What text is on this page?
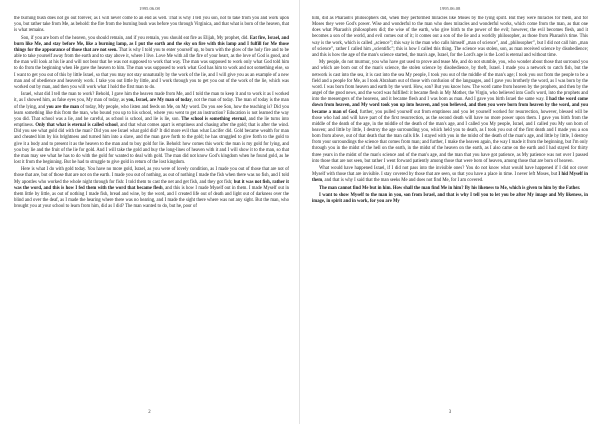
1995.06.08

the burning bush does not go out forever, as I will never come to an end as well. That is why I tell you son, not to take from you and work upon you, but rather take from Me, as behold: the fire from the burning bush was before you through Virginica, and that what is born of the heaven, that is what remains.

Son, if you are born of the heaven, you should remain, and if you remain, you should eat fire as Elijah, My prophet, did. Eat fire, Israel, and burn like Me, and stay before Me, like a burning lamp, as I put the earth and the sky on fire with this lamp and I fulfill for Me those things for the appearance of those that are not seen. That is why I told you to enter yourself up, to burn with the glow of the holy fire and to be able to take yourself away from the earth and to stay above it, where I live. Love Me with all the fire of your heart, as the love of God is good, and the man will look at his lie and will not bear that he was not supposed to work that way. The man was supposed to work only what God told him to do from the beginning when He gave the heaven to him. The man was supposed to work what God has him to work and not something else, so I want to get you out of this by little Israel, so that you may not stay unnaturally by the work of the lie, and I will give you as an example of a new man and of obedience and heavenly work. I take you out little by little, and I work through you to get you out of the work of the lie, which was worked out by man, and then you will work what I hold the first man to do.

Israel, what did I tell the man to work? Behold, I gave him the heaven made from Me, and I told the man to keep it and to work it as I worked it, as I showed him, as false eyes you, My man of today, as you, Israel, are My man of today, not the man of today. The man of today is the man of the lying, and you are the man of today, My people, who listen and feeds on Me, on My word. Do you see Son, how the teaching is? Did you learn something like this from the man, who bound you up to his school, where you went to get an instruction? Education is not learned the way you did. That school was a lie, and he careful, as school is school, and lie is lie, son. The school is something eternal, and the lie turns into emptiness. Only that what is eternal is called school, and that what comes apart is emptiness and chasing after the gold; that is after the wind. Did you see what gold did with the man? Did you see Israel what gold did? It did more evil than what Lucifer did. Gold became wealth for man and cheated him by his brightness and turned him into a slave, and the man gave forth to the gold; he has struggled to give forth to the gold to give it a body and to present it as the heaven to the man and to buy gold for lie. Behold: how comes this work: the man is my gold for lying, and you buy lie and the fruit of the lie for gold. And I will take the gold and buy the long-lines of heaven with it and I will show it to the man, so that the man may see what he has to do with the gold for wanted to deal with gold. The man did not know God's kingdom when he found gold, as he lost it from the beginning. But he had to struggle to give gold in return of the lost kingdom.

Here is what I do with gold today. You have no more gold, Israel, as you were of lovely condition, as I made you out of those that are not of those that are, but of those that are not on the earth. I made you out of nothing, as out of nothing I made the fish when there was no fish, and I told My apostles who worked the whole night through for fish: I told them to cast the net and get fish, and they got fish; but it was not fish, rather it was the word, and this is how I fed them with the word that became flesh, and this is how I made Myself out in them. I made Myself out in them little by little, as out of nothing I made fish, bread and wine, by the word, and I created life out of death and light out of darkness over the blind and over the deaf, as I made the hearing where there was no hearing, and I made the sight there where was not any sight. But the man, who brought you at your school to learn from him, did as I did? The man wanted to do, but he, poor of

2
1995.06.08

him, did as Pharaoh's philosophers did, when they performed miracles like Moses by the lying spirit. But they were miracles for them, and for Moses they were God's power. Wise and wonderful to the man who does miracles and wonderful works, which come from the man, as that one does what Pharaoh's philosophers did; the wise of the earth, who give birth to the power of the evil; however, the evil becomes flesh, and it becomes a son of the world, and evil comes out of it; it comes out a son of the lie and a worldly philosopher, as those from Pharaoh's time. This way is the work, which is called „science”; this way is the man who calls himself „man of science”, and „philosopher”, but I did not call him „man of science”, rather I called him „scientific”; this is how I called this thing. The science was stolen, son, as man received science by disobedience; and this is how the age of the man's science started, the man's age, Israel, for the Lord's age is the Lord is eternal and without time.

My people, do not murmur, you who have got used to prove and tease Me, and do not stumble, you, who wonder about those that surround you and which are born out of the man's science, the stolen science by disobedience, by theft, Israel. I made you a network to catch fish, but the network is cast into the sea, it is cast into the sea My people, I took you out of the middle of the man's age; I took you out from the people to be a field and a people for Me, as I took Abraham out of those with confusion of the languages, and I gave you brotherly the word, as I was born by the word. I was born from heaven and earth by the word. How, son? But you know how. The word came from heaven by the prophets, and then by the angel of the good news, and the word was fulfilled: it became flesh in My Mother, the Virgin, who believed into God's word, into the prophets and into the messengers of the heavens, and it became flesh and I was born as man. And I gave you birth Israel the same way. I had the word come down from heaven, and My word took you up into heaven, and you believed, and then you were born from heaven by the word, and you became a man of God, further, you pulled yourself out from emptiness and you let yourself worked for resurrection, however, blessed will be those who had and will have part of the first resurrection, as the second death will have no more power upon them. I gave you birth from the middle of the death of the age, in the middle of the death of the man's age, and I called you My people, Israel, and I called you My son born of heaven; and little by little, I destroy the age surrounding you, which held you to death, as I took you out of the first death and I made you a son born from above, out of that death that the man calls life. I stayed with you in the midst of the death of the man's age, and little by little, I destroy from your surroundings the science that comes from man; and further, I make the heaven again, the way I made it from the beginning, but I'm only through you in the midst of the hell on the earth, in the midst of the heaven on the earth, as I also came on the earth and I had stayed for thirty three years in the midst of the man's science and of the man's age, and the man that you have got patience, as My patience was not over I passed into those that are not seen, but rather I went forward patiently among those that were born of heaven, among those that are born of heaven.

What would have happened Israel, if I did not pass into the invisible ones? You do not know what would have happened if I did not cover Myself with those that are invisible. I stay covered by those that are seen, so that you have a place in time. I never left Moses, but I hid Myself in them, and that is why I said that the man seeks Me and does not find Me, for I am covered.

The man cannot find Me but in him. How shall the man find Me in him? By his likeness to Me, which is given to him by the Father.

I want to show Myself to the man in you, son from Israel, and that is why I tell you to let you be after My image and My likeness, in image, in spirit and in work, for you are My

3
